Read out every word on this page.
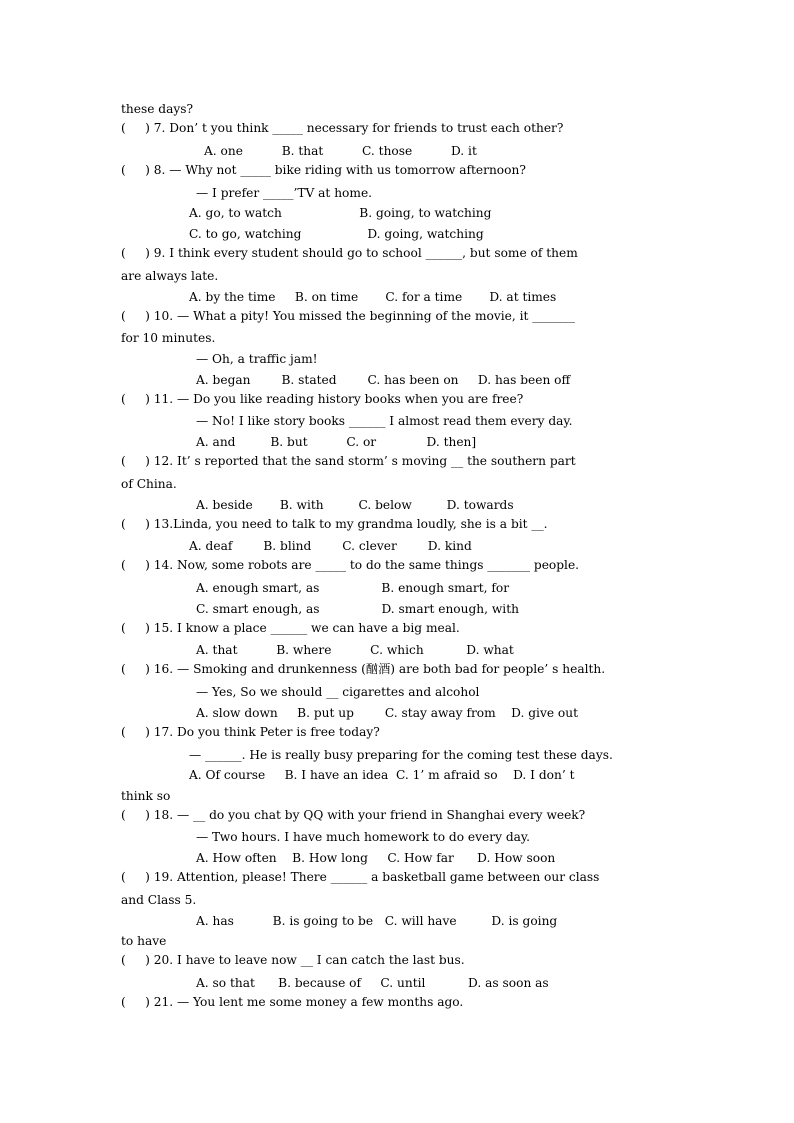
these days?
(     ) 7. Don’ t you think _____ necessary for friends to trust each other?
A. one          B. that          C. those          D. it
(     ) 8. — Why not _____ bike riding with us tomorrow afternoon?
— I prefer _____’TV at home.
A. go, to watch                    B. going, to watching
C. to go, watching                 D. going, watching
(     ) 9. I think every student should go to school ______, but some of them
are always late.
A. by the time     B. on time       C. for a time       D. at times
(     ) 10. — What a pity! You missed the beginning of the movie, it _______
for 10 minutes.
— Oh, a traffic jam!
A. began        B. stated        C. has been on     D. has been off
(     ) 11. — Do you like reading history books when you are free?
— No! I like story books ______ I almost read them every day.
A. and         B. but          C. or             D. then]
(     ) 12. It’ s reported that the sand storm’ s moving __ the southern part
of China.
A. beside       B. with         C. below         D. towards
(     ) 13.Linda, you need to talk to my grandma loudly, she is a bit __.
A. deaf        B. blind        C. clever        D. kind
(     ) 14. Now, some robots are _____ to do the same things _______ people.
A. enough smart, as                B. enough smart, for
C. smart enough, as                D. smart enough, with
(     ) 15. I know a place ______ we can have a big meal.
A. that          B. where          C. which           D. what
(     ) 16. — Smoking and drunkenness (酗酒) are both bad for people’ s health.
— Yes, So we should __ cigarettes and alcohol
A. slow down     B. put up        C. stay away from    D. give out
(     ) 17. Do you think Peter is free today?
— ______. He is really busy preparing for the coming test these days.
A. Of course     B. I have an idea  C. 1’ m afraid so    D. I don’ t
think so
(     ) 18. — __ do you chat by QQ with your friend in Shanghai every week?
— Two hours. I have much homework to do every day.
A. How often    B. How long     C. How far      D. How soon
(     ) 19. Attention, please! There ______ a basketball game between our class
and Class 5.
A. has          B. is going to be   C. will have         D. is going
to have
(     ) 20. I have to leave now __ I can catch the last bus.
A. so that      B. because of     C. until           D. as soon as
(     ) 21. — You lent me some money a few months ago.
